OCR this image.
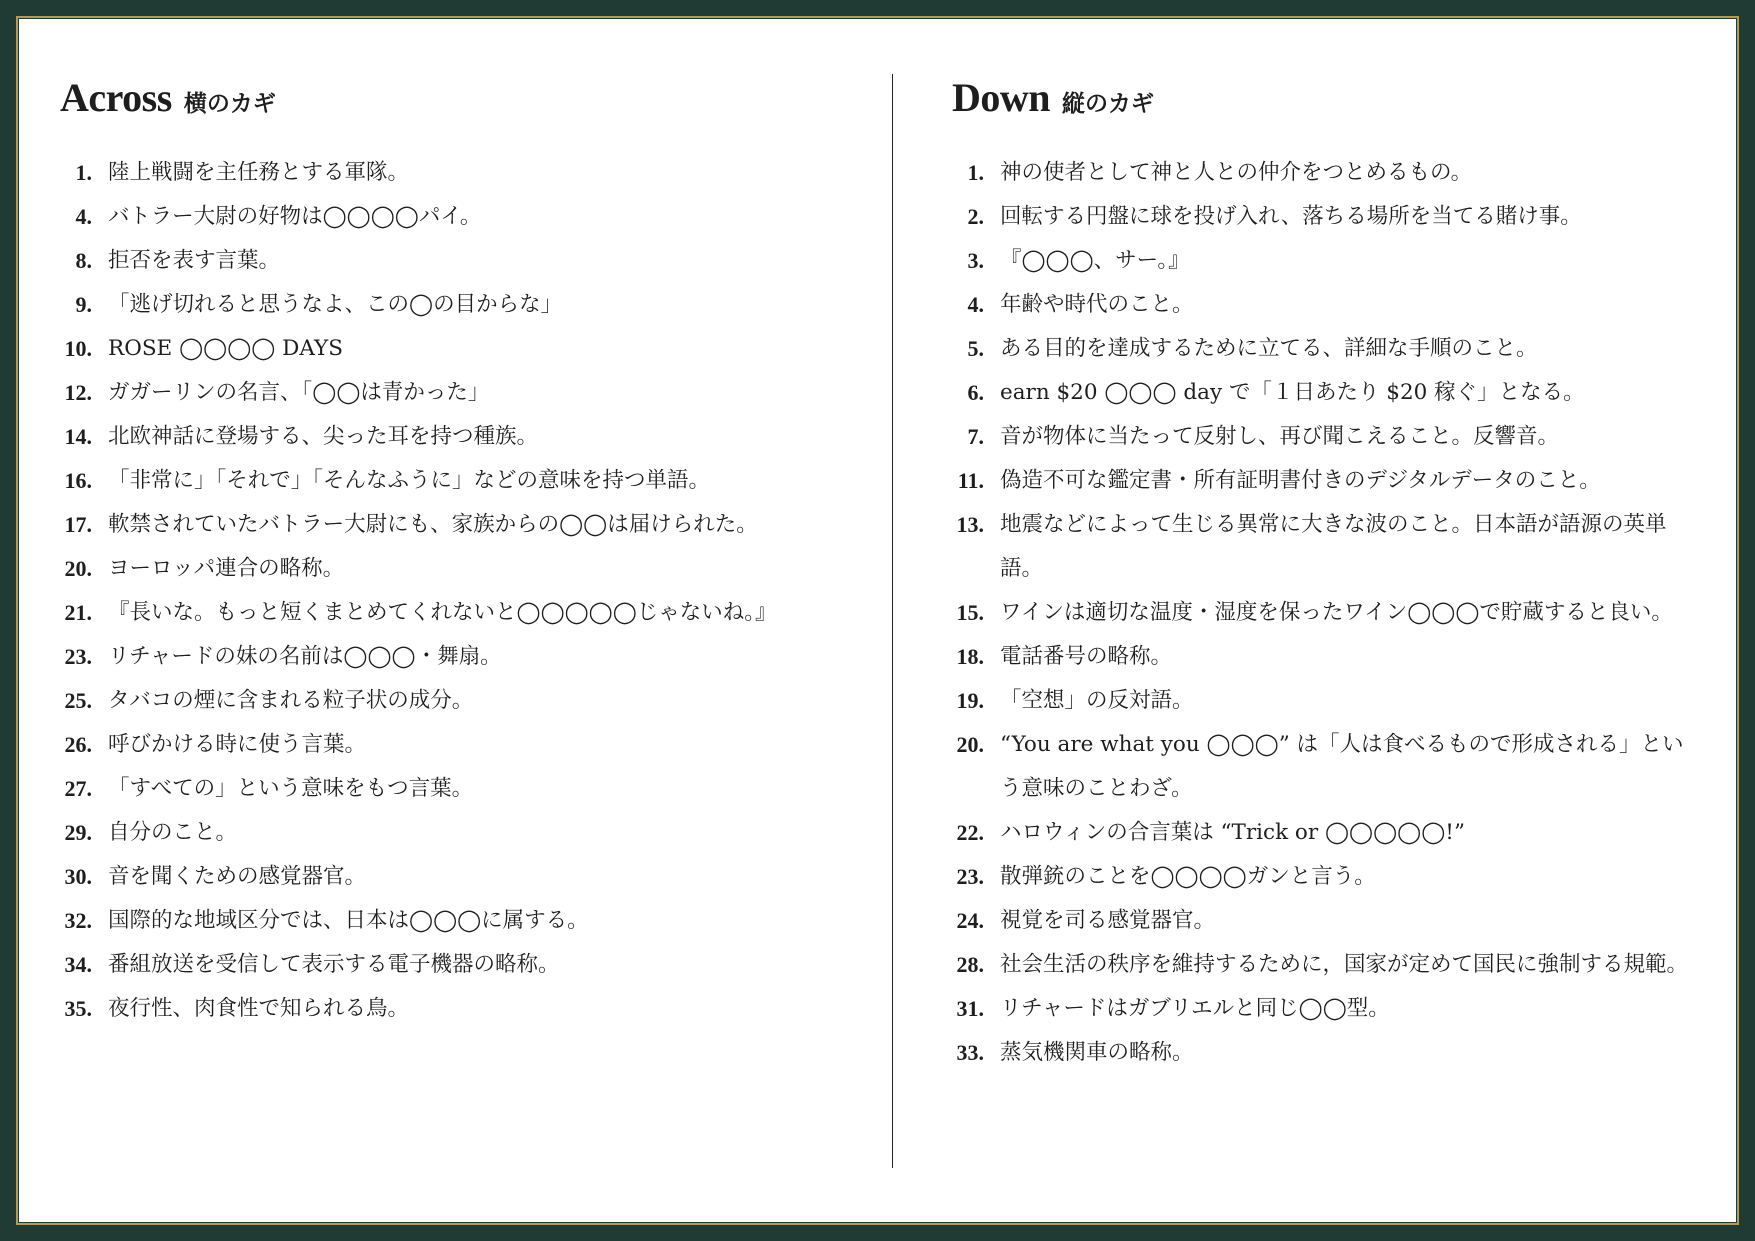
Across 横のカギ
1. 陸上戦闘を主任務とする軍隊。
4. バトラー大尉の好物は◯◯◯◯パイ。
8. 拒否を表す言葉。
9. 「逃げ切れると思うなよ、この◯の目からな」
10. ROSE ◯◯◯◯ DAYS
12. ガガーリンの名言、「◯◯は青かった」
14. 北欧神話に登場する、尖った耳を持つ種族。
16. 「非常に」「それで」「そんなふうに」などの意味を持つ単語。
17. 軟禁されていたバトラー大尉にも、家族からの◯◯は届けられた。
20. ヨーロッパ連合の略称。
21. 『長いな。もっと短くまとめてくれないと◯◯◯◯◯じゃないね。』
23. リチャードの妹の名前は◯◯◯・舞扇。
25. タバコの煙に含まれる粒子状の成分。
26. 呼びかける時に使う言葉。
27. 「すべての」という意味をもつ言葉。
29. 自分のこと。
30. 音を聞くための感覚器官。
32. 国際的な地域区分では、日本は◯◯◯に属する。
34. 番組放送を受信して表示する電子機器の略称。
35. 夜行性、肉食性で知られる鳥。
Down 縦のカギ
1. 神の使者として神と人との仲介をつとめるもの。
2. 回転する円盤に球を投げ入れ、落ちる場所を当てる賭け事。
3. 『◯◯◯、サー。』
4. 年齢や時代のこと。
5. ある目的を達成するために立てる、詳細な手順のこと。
6. earn $20 ◯◯◯ day で「１日あたり $20 稼ぐ」となる。
7. 音が物体に当たって反射し、再び聞こえること。反響音。
11. 偽造不可な鑑定書・所有証明書付きのデジタルデータのこと。
13. 地震などによって生じる異常に大きな波のこと。日本語が語源の英単語。
15. ワインは適切な温度・湿度を保ったワイン◯◯◯で貯蔵すると良い。
18. 電話番号の略称。
19. 「空想」の反対語。
20. “You are what you ◯◯◯” は「人は食べるもので形成される」という意味のことわざ。
22. ハロウィンの合言葉は “Trick or ◯◯◯◯◯!”
23. 散弾銃のことを◯◯◯◯ガンと言う。
24. 視覚を司る感覚器官。
28. 社会生活の秩序を維持するために，国家が定めて国民に強制する規範。
31. リチャードはガブリエルと同じ◯◯型。
33. 蒸気機関車の略称。
